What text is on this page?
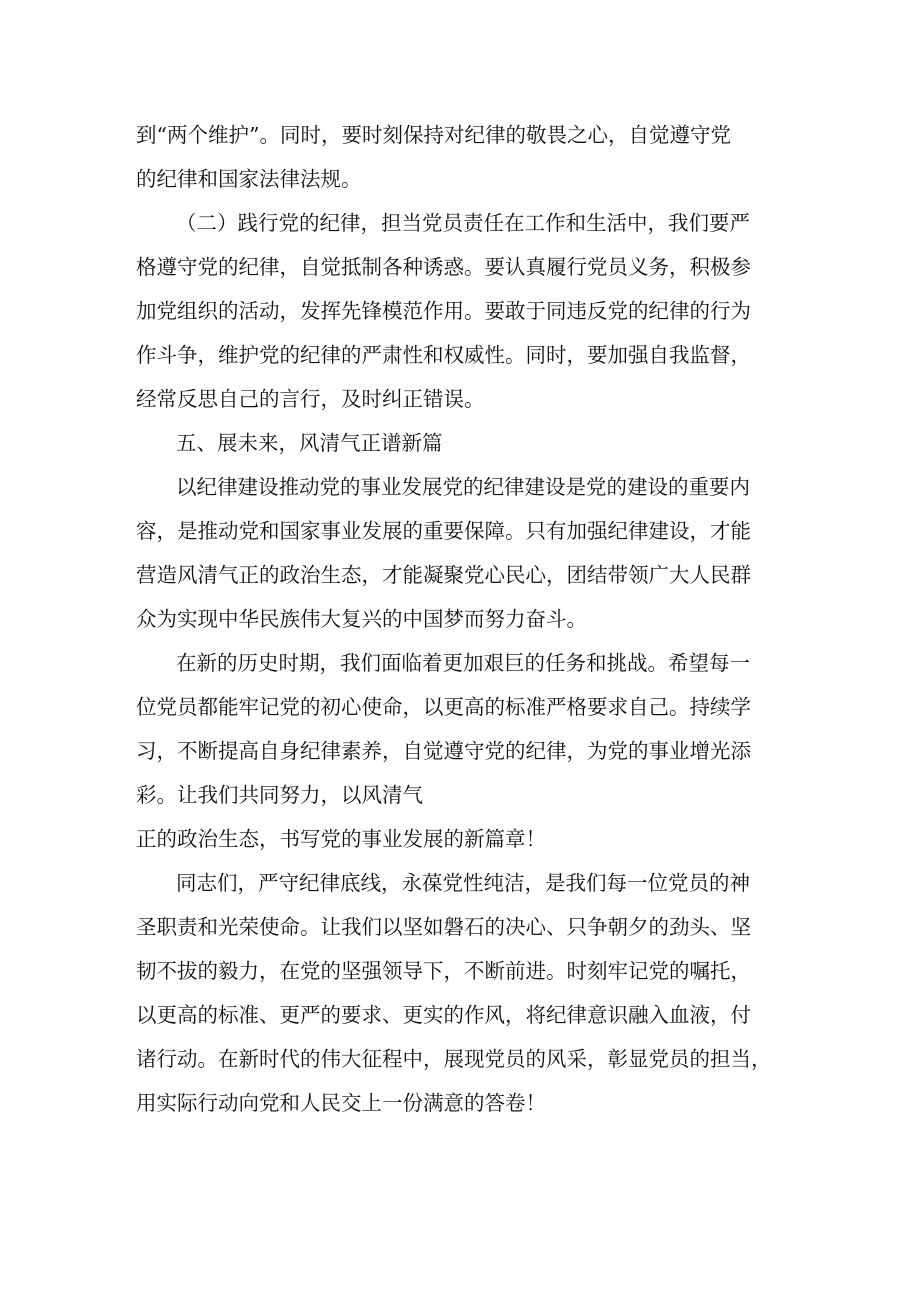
到“两个维护”。同时，要时刻保持对纪律的敬畏之心，自觉遵守党
的纪律和国家法律法规。
（二）践行党的纪律，担当党员责任在工作和生活中，我们要严
格遵守党的纪律，自觉抵制各种诱惑。要认真履行党员义务，积极参
加党组织的活动，发挥先锋模范作用。要敢于同违反党的纪律的行为
作斗争，维护党的纪律的严肃性和权威性。同时，要加强自我监督，
经常反思自己的言行，及时纠正错误。
五、展未来，风清气正谱新篇
以纪律建设推动党的事业发展党的纪律建设是党的建设的重要内
容，是推动党和国家事业发展的重要保障。只有加强纪律建设，才能
营造风清气正的政治生态，才能凝聚党心民心，团结带领广大人民群
众为实现中华民族伟大复兴的中国梦而努力奋斗。
在新的历史时期，我们面临着更加艰巨的任务和挑战。希望每一
位党员都能牢记党的初心使命，以更高的标准严格要求自己。持续学
习，不断提高自身纪律素养，自觉遵守党的纪律，为党的事业增光添
彩。让我们共同努力，以风清气
正的政治生态，书写党的事业发展的新篇章！
同志们，严守纪律底线，永葆党性纯洁，是我们每一位党员的神
圣职责和光荣使命。让我们以坚如磐石的决心、只争朝夕的劲头、坚
韧不拔的毅力，在党的坚强领导下，不断前进。时刻牢记党的嘱托，
以更高的标准、更严的要求、更实的作风，将纪律意识融入血液，付
诸行动。在新时代的伟大征程中，展现党员的风采，彰显党员的担当，
用实际行动向党和人民交上一份满意的答卷！
